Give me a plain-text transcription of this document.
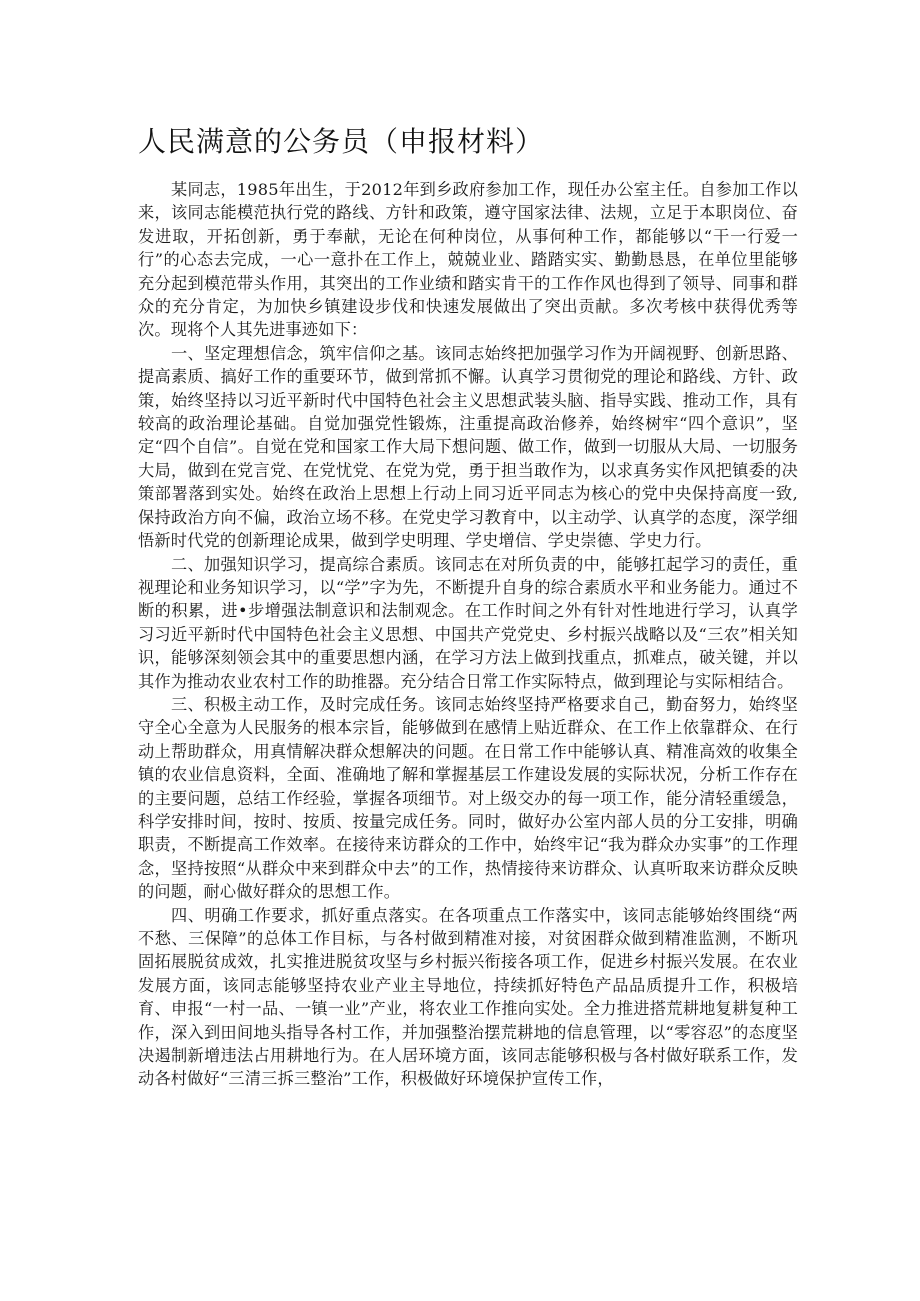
人民满意的公务员（申报材料）

某同志，1985年出生，于2012年到乡政府参加工作，现任办公室主任。自参加工作以来，该同志能模范执行党的路线、方针和政策，遵守国家法律、法规，立足于本职岗位、奋发进取，开拓创新，勇于奉献，无论在何种岗位，从事何种工作，都能够以“干一行爱一行”的心态去完成，一心一意扑在工作上，兢兢业业、踏踏实实、勤勤恳恳，在单位里能够充分起到模范带头作用，其突出的工作业绩和踏实肯干的工作作风也得到了领导、同事和群众的充分肯定，为加快乡镇建设步伐和快速发展做出了突出贡献。多次考核中获得优秀等次。现将个人其先进事迹如下：

一、坚定理想信念，筑牢信仰之基。该同志始终把加强学习作为开阔视野、创新思路、提高素质、搞好工作的重要环节，做到常抓不懈。认真学习贯彻党的理论和路线、方针、政策，始终坚持以习近平新时代中国特色社会主义思想武装头脑、指导实践、推动工作，具有较高的政治理论基础。自觉加强党性锻炼，注重提高政治修养，始终树牢“四个意识”，坚定“四个自信”。自觉在党和国家工作大局下想问题、做工作，做到一切服从大局、一切服务大局，做到在党言党、在党忧党、在党为党，勇于担当敢作为，以求真务实作风把镇委的决策部署落到实处。始终在政治上思想上行动上同习近平同志为核心的党中央保持高度一致,保持政治方向不偏，政治立场不移。在党史学习教育中，以主动学、认真学的态度，深学细悟新时代党的创新理论成果，做到学史明理、学史增信、学史崇德、学史力行。

二、加强知识学习，提高综合素质。该同志在对所负责的中，能够扛起学习的责任，重视理论和业务知识学习，以“学”字为先，不断提升自身的综合素质水平和业务能力。通过不断的积累，进•步增强法制意识和法制观念。在工作时间之外有针对性地进行学习，认真学习习近平新时代中国特色社会主义思想、中国共产党党史、乡村振兴战略以及“三农”相关知识，能够深刻领会其中的重要思想内涵，在学习方法上做到找重点，抓难点，破关键，并以其作为推动农业农村工作的助推器。充分结合日常工作实际特点，做到理论与实际相结合。

三、积极主动工作，及时完成任务。该同志始终坚持严格要求自己，勤奋努力，始终坚守全心全意为人民服务的根本宗旨，能够做到在感情上贴近群众、在工作上依靠群众、在行动上帮助群众，用真情解决群众想解决的问题。在日常工作中能够认真、精准高效的收集全镇的农业信息资料，全面、准确地了解和掌握基层工作建设发展的实际状况，分析工作存在的主要问题，总结工作经验，掌握各项细节。对上级交办的每一项工作，能分清轻重缓急，科学安排时间，按时、按质、按量完成任务。同时，做好办公室内部人员的分工安排，明确职责，不断提高工作效率。在接待来访群众的工作中，始终牢记“我为群众办实事”的工作理念，坚持按照“从群众中来到群众中去”的工作，热情接待来访群众、认真听取来访群众反映的问题，耐心做好群众的思想工作。

四、明确工作要求，抓好重点落实。在各项重点工作落实中，该同志能够始终围绕“两不愁、三保障”的总体工作目标，与各村做到精准对接，对贫困群众做到精准监测，不断巩固拓展脱贫成效，扎实推进脱贫攻坚与乡村振兴衔接各项工作，促进乡村振兴发展。在农业发展方面，该同志能够坚持农业产业主导地位，持续抓好特色产品品质提升工作，积极培育、申报“一村一品、一镇一业”产业，将农业工作推向实处。全力推进搭荒耕地复耕复种工作，深入到田间地头指导各村工作，并加强整治摆荒耕地的信息管理，以“零容忍”的态度坚决遏制新增违法占用耕地行为。在人居环境方面，该同志能够积极与各村做好联系工作，发动各村做好“三清三拆三整治”工作，积极做好环境保护宣传工作，
